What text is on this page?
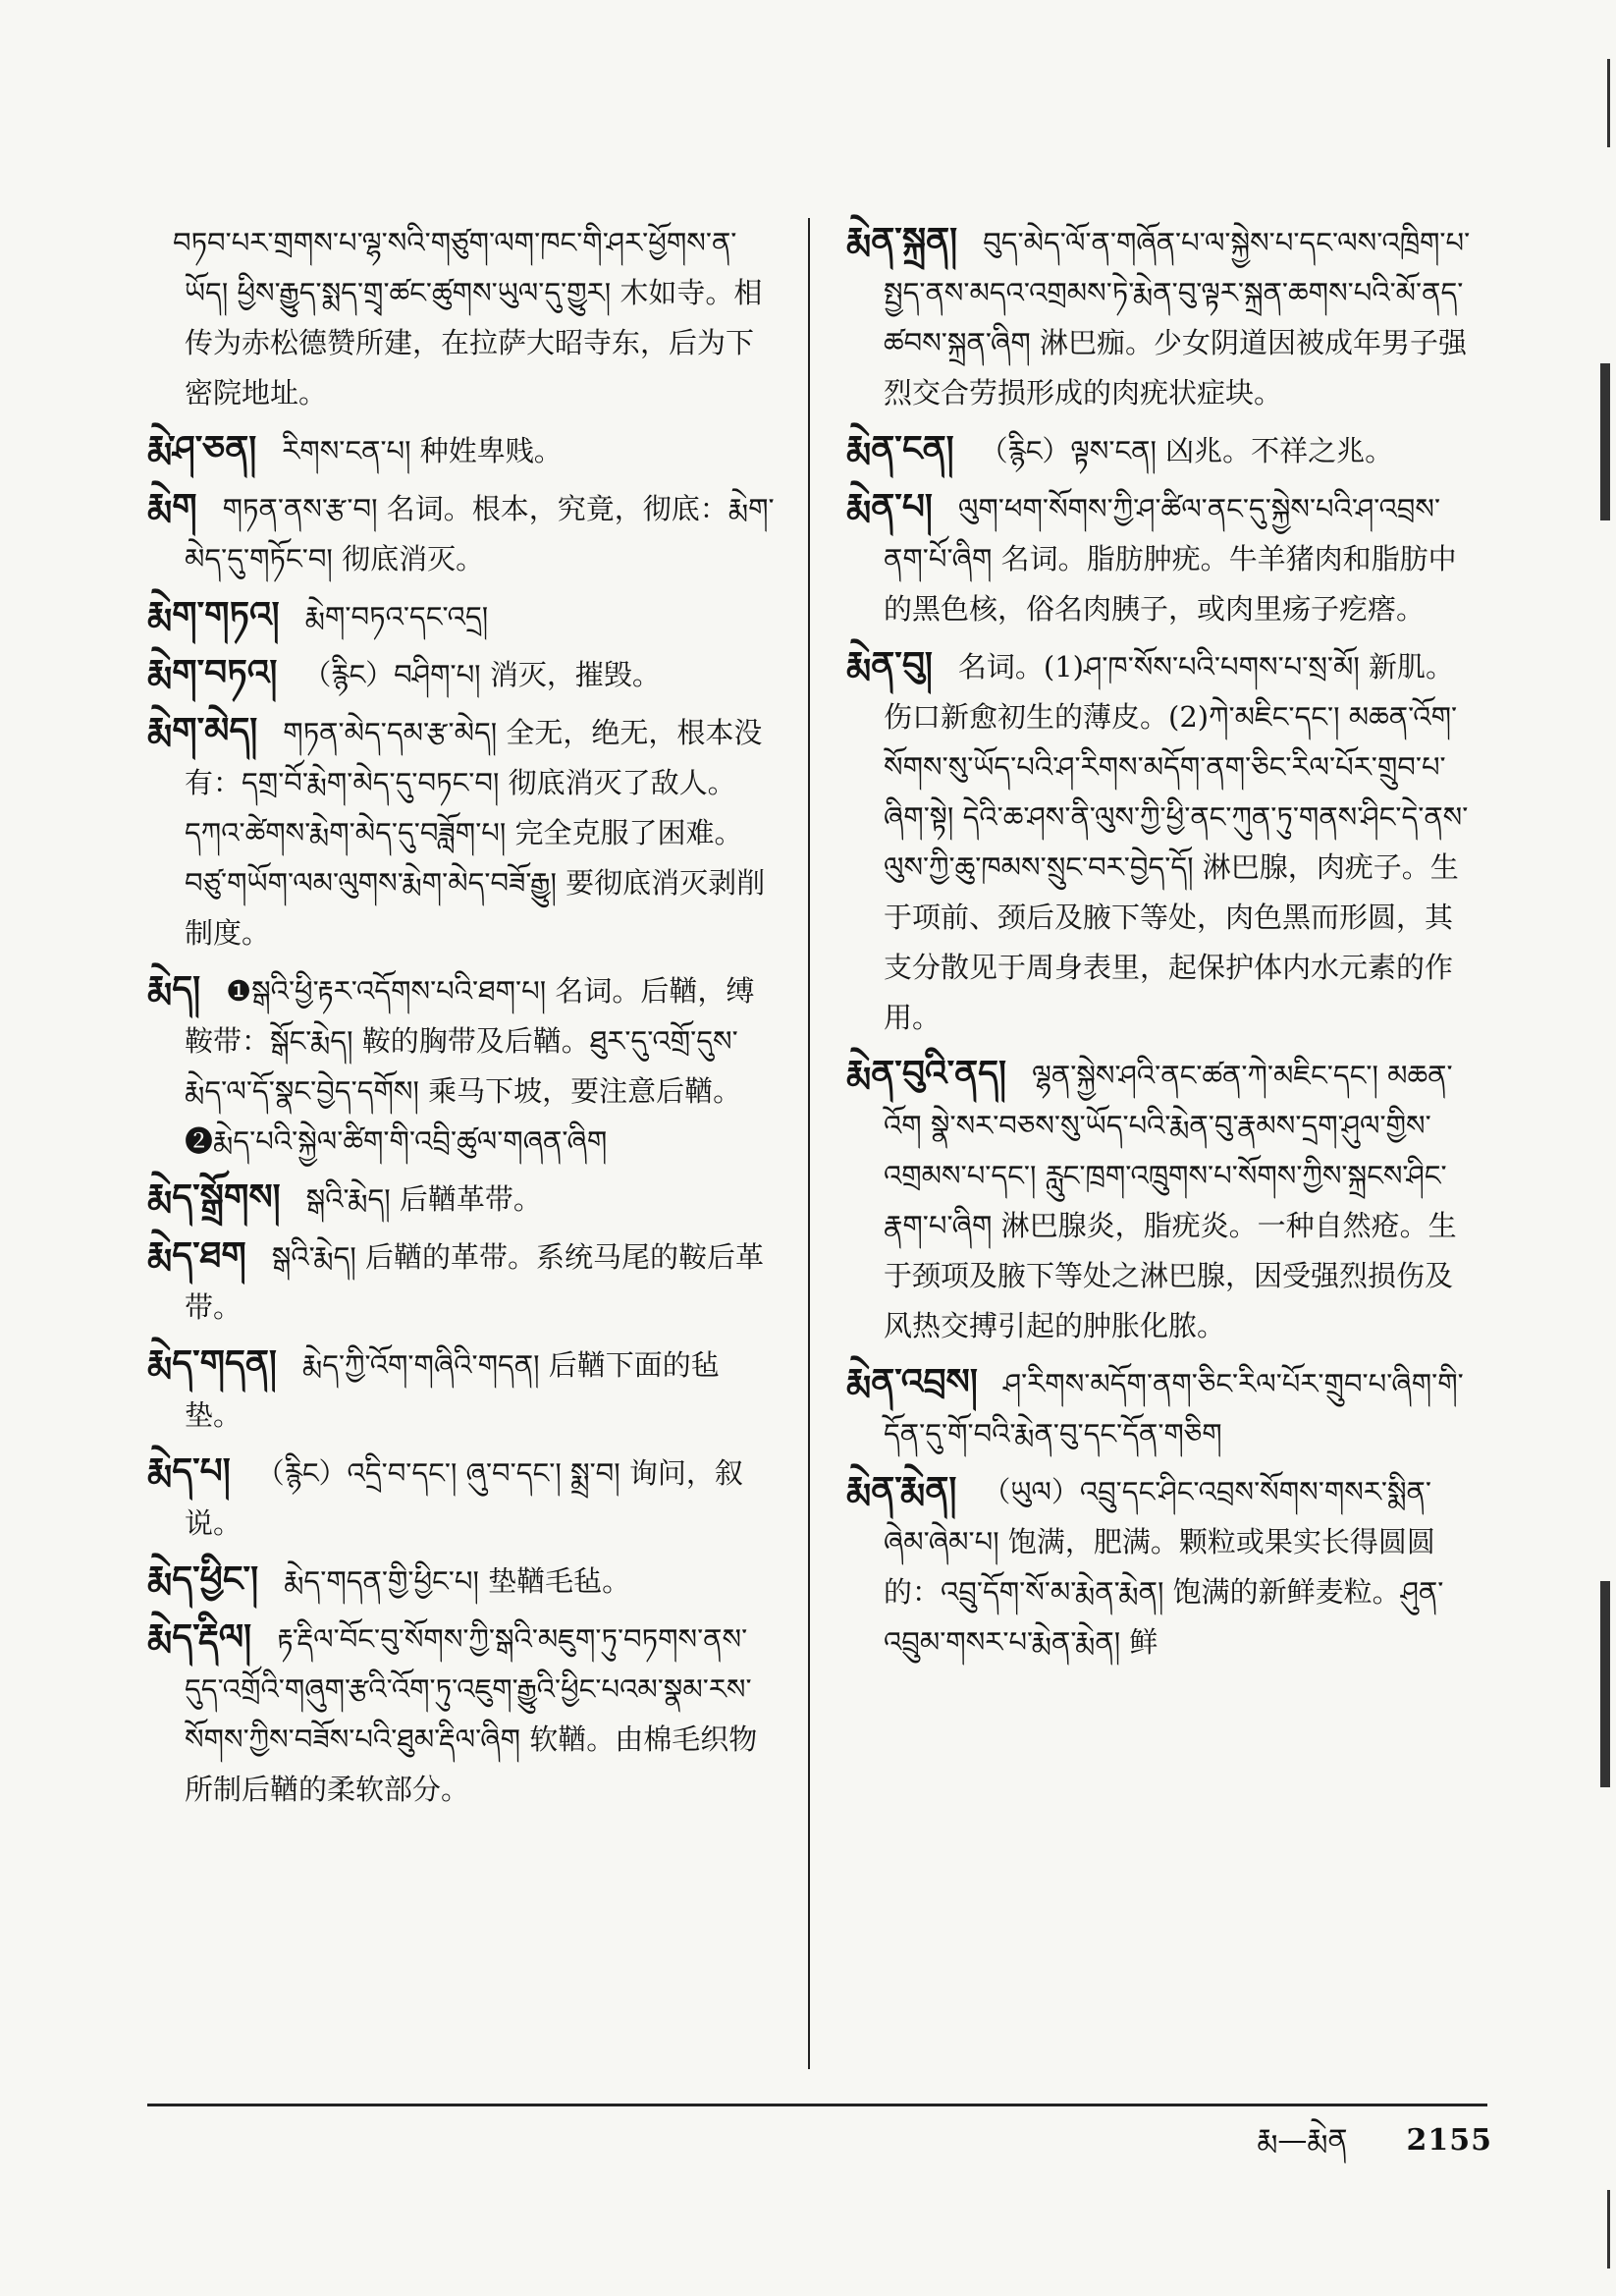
བཏབ་པར་གྲགས་པ་ལྷ་སའི་གཙུག་ལག་ཁང་གི་ཤར་ཕྱོགས་ན་ཡོད། ཕྱིས་རྒྱུད་སྨད་གྲྭ་ཚང་ཚུགས་ཡུལ་དུ་གྱུར། 木如寺。相传为赤松德赞所建，在拉萨大昭寺东，后为下密院地址。

རྨེ་ཤ་ཅན། རིགས་ངན་པ། 种姓卑贱。

རྨེག གཏན་ནས་རྩ་བ། 名词。根本，究竟，彻底：རྨེག་མེད་དུ་གཏོང་བ། 彻底消灭。

རྨེག་གཏའ། རྨེག་བཏའ་དང་འདྲ།

རྨེག་བཏའ། （རྙིང）བཤིག་པ། 消灭，摧毁。

རྨེག་མེད། གཏན་མེད་དམ་རྩ་མེད། 全无，绝无，根本没有：དགྲ་བོ་རྨེག་མེད་དུ་བཏང་བ། 彻底消灭了敌人。དཀའ་ཚེགས་རྨེག་མེད་དུ་བཟློག་པ། 完全克服了困难。བཙུ་གཡོག་ལམ་ལུགས་རྨེག་མེད་བཟོ་རྒྱུ། 要彻底消灭剥削制度。

རྨེད། ❶སྒའི་ཕྱི་རྟར་འདོགས་པའི་ཐག་པ། 名词。后鞧，缚鞍带：སྒོང་རྨེད། 鞍的胸带及后鞧。ཐུར་དུ་འགྲོ་དུས་རྨེད་ལ་དོ་སྣང་བྱེད་དགོས། 乘马下坡，要注意后鞧。❷རྨེད་པའི་སྐྱེལ་ཚིག་གི་འབྲི་ཚུལ་གཞན་ཞིག

རྨེད་སྒྲོགས། སྒའི་རྨེད། 后鞧革带。

རྨེད་ཐག སྒའི་རྨེད། 后鞧的革带。系统马尾的鞍后革带。

རྨེད་གདན། རྨེད་ཀྱི་འོག་གཞིའི་གདན། 后鞧下面的毡垫。

རྨེད་པ། （རྙིང）འདྲི་བ་དང་། ཞུ་བ་དང་། སྨྲ་བ། 询问，叙说。

རྨེད་ཕྱིང་། རྨེད་གདན་གྱི་ཕྱིང་པ། 垫鞧毛毡。

རྨེད་རྡིལ། རྟ་རྡིལ་བོང་བུ་སོགས་ཀྱི་སྒའི་མཇུག་ཏུ་བཏགས་ནས་དུད་འགྲོའི་གཞུག་རྩའི་འོག་ཏུ་འཇུག་རྒྱུའི་ཕྱིང་པའམ་སྣམ་རས་སོགས་ཀྱིས་བཟོས་པའི་ཐུམ་རྡིལ་ཞིག 软鞧。由棉毛织物所制后鞧的柔软部分。

རྨེན་སྐྲན། བུད་མེད་ལོ་ན་གཞོན་པ་ལ་སྐྱེས་པ་དང་ལས་འཁྲིག་པ་སྤྱད་ནས་མདའ་འགྲམས་ཏེ་རྨེན་བུ་ལྟར་སྐྲན་ཆགས་པའི་མོ་ནད་ཚབས་སྐྲན་ཞིག 淋巴痂。少女阴道因被成年男子强烈交合劳损形成的肉疣状症块。

རྨེན་ངན། （རྙིང）ལྟས་ངན། 凶兆。不祥之兆。

རྨེན་པ། ལུག་ཕག་སོགས་ཀྱི་ཤ་ཚིལ་ནང་དུ་སྐྱེས་པའི་ཤ་འབྲས་ནག་པོ་ཞིག 名词。脂肪肿疣。牛羊猪肉和脂肪中的黑色核，俗名肉胰子，或肉里疡子疙瘩。

རྨེན་བུ། 名词。(1)ཤ་ཁ་སོས་པའི་པགས་པ་སྲ་མོ། 新肌。伤口新愈初生的薄皮。(2)ཀེ་མཇིང་དང་། མཆན་འོག་སོགས་སུ་ཡོད་པའི་ཤ་རིགས་མདོག་ནག་ཅིང་རིལ་པོར་གྲུབ་པ་ཞིག་སྟེ། དེའི་ཆ་ཤས་ནི་ལུས་ཀྱི་ཕྱི་ནང་ཀུན་ཏུ་གནས་ཤིང་དེ་ནས་ལུས་ཀྱི་ཆུ་ཁམས་སྲུང་བར་བྱེད་དོ། 淋巴腺，肉疣子。生于项前、颈后及腋下等处，肉色黑而形圆，其支分散见于周身表里，起保护体内水元素的作用。

རྨེན་བུའི་ནད། ལྷན་སྐྱེས་ཤའི་ནང་ཚན་ཀེ་མཇིང་དང་། མཆན་འོག སྣེ་སར་བཅས་སུ་ཡོད་པའི་རྨེན་བུ་རྣམས་དྲག་ཤུལ་གྱིས་འགྲམས་པ་དང་། རླུང་ཁྲག་འཁྲུགས་པ་སོགས་ཀྱིས་སྐྲངས་ཤིང་རྣག་པ་ཞིག 淋巴腺炎，脂疣炎。一种自然疮。生于颈项及腋下等处之淋巴腺，因受强烈损伤及风热交搏引起的肿胀化脓。

རྨེན་འབྲས། ཤ་རིགས་མདོག་ནག་ཅིང་རིལ་པོར་གྲུབ་པ་ཞིག་གི་དོན་དུ་གོ་བའི་རྨེན་བུ་དང་དོན་གཅིག

རྨེན་རྨེན། （ཡུལ）འབྲུ་དང་ཤིང་འབྲས་སོགས་གསར་སྨིན་ཞེམ་ཞེམ་པ། 饱满，肥满。颗粒或果实长得圆圆的：འབྲུ་དོག་སོ་མ་རྨེན་རྨེན། 饱满的新鲜麦粒。ཤུན་འབྲུམ་གསར་པ་རྨེན་རྨེན། 鲜

རྨ—རྨེན 2155
